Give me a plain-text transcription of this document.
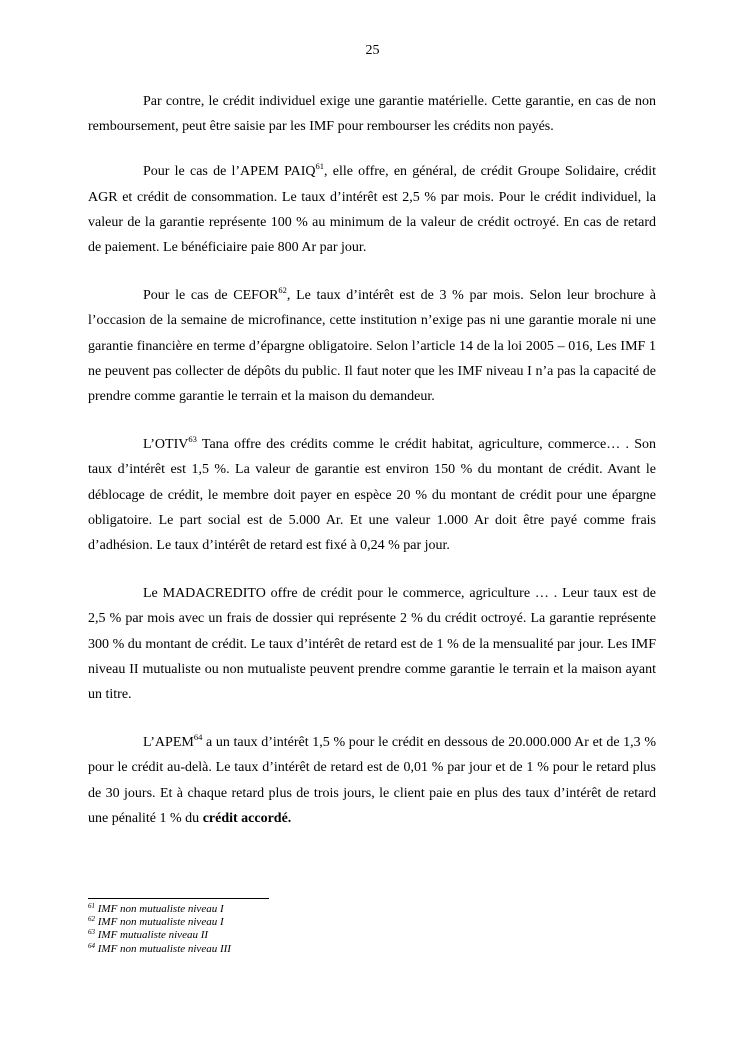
25

Par contre, le crédit individuel exige une garantie matérielle. Cette garantie, en cas de non remboursement, peut être saisie par les IMF pour rembourser les crédits non payés.

Pour le cas de l’APEM PAIQ$^{61}$, elle offre, en général, de crédit Groupe Solidaire, crédit AGR et crédit de consommation. Le taux d’intérêt est 2,5 % par mois. Pour le crédit individuel, la valeur de la garantie représente 100 % au minimum de la valeur de crédit octroyé. En cas de retard de paiement. Le bénéficiaire paie 800 Ar par jour.

Pour le cas de CEFOR$^{62}$, Le taux d’intérêt est de 3 % par mois. Selon leur brochure à l’occasion de la semaine de microfinance, cette institution n’exige pas ni une garantie morale ni une garantie financière en terme d’épargne obligatoire. Selon l’article 14 de la loi 2005 – 016, Les IMF 1 ne peuvent pas collecter de dépôts du public. Il faut noter que les IMF niveau I n’a pas la capacité de prendre comme garantie le terrain et la maison du demandeur.

L’OTIV$^{63}$ Tana offre des crédits comme le crédit habitat, agriculture, commerce… . Son taux d’intérêt est 1,5 %. La valeur de garantie est environ 150 % du montant de crédit. Avant le déblocage de crédit, le membre doit payer en espèce 20 % du montant de crédit pour une épargne obligatoire. Le part social est de 5.000 Ar. Et une valeur 1.000 Ar doit être payé comme frais d’adhésion. Le taux d’intérêt de retard est fixé à 0,24 % par jour.

Le MADACREDITO offre de crédit pour le commerce, agriculture … . Leur taux est de 2,5 % par mois avec un frais de dossier qui représente 2 % du crédit octroyé. La garantie représente 300 % du montant de crédit. Le taux d’intérêt de retard est de 1 % de la mensualité par jour. Les IMF niveau II mutualiste ou non mutualiste peuvent prendre comme garantie le terrain et la maison ayant un titre.

L’APEM$^{64}$ a un taux d’intérêt 1,5 % pour le crédit en dessous de 20.000.000 Ar et de 1,3 % pour le crédit au-delà. Le taux d’intérêt de retard est de 0,01 % par jour et de 1 % pour le retard plus de 30 jours. Et à chaque retard plus de trois jours, le client paie en plus des taux d’intérêt de retard une pénalité 1 % du crédit accordé.

$^{61}$ IMF non mutualiste niveau I
$^{62}$ IMF non mutualiste niveau I
$^{63}$ IMF mutualiste niveau II
$^{64}$ IMF non mutualiste niveau III
